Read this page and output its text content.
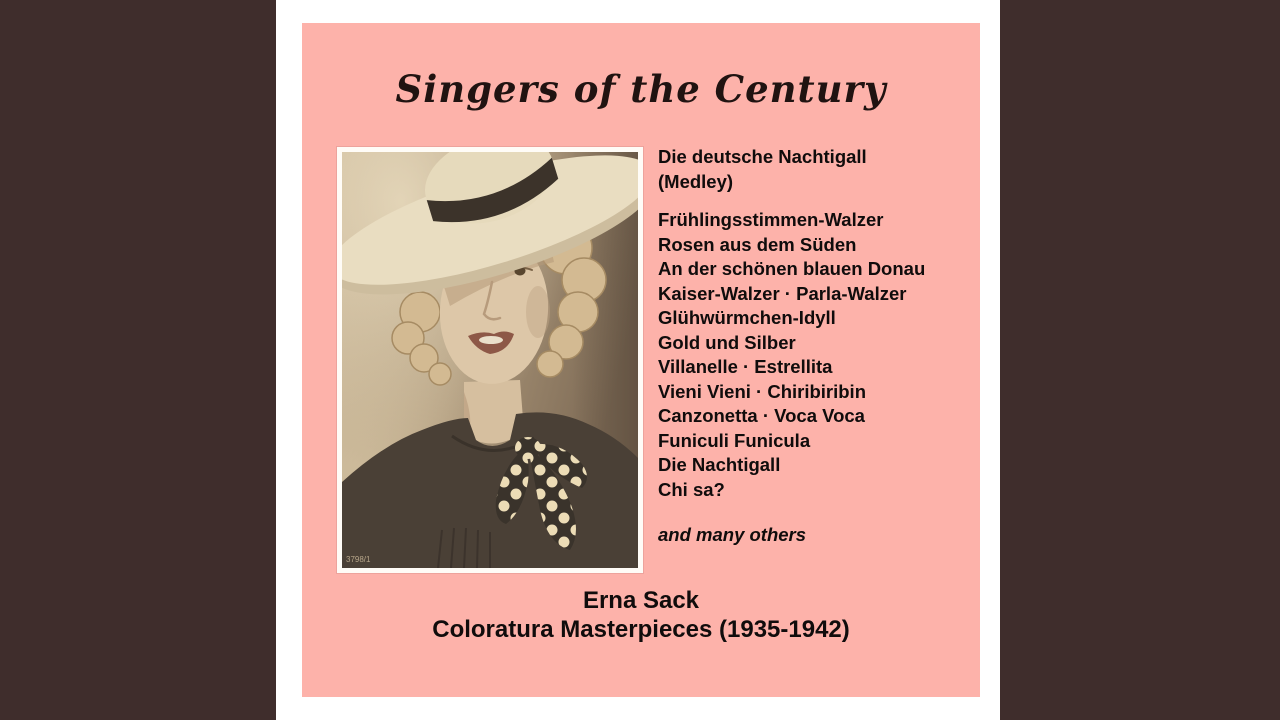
Singers of the Century
3798/1
Die deutsche Nachtigall
(Medley)
Frühlingsstimmen-Walzer
Rosen aus dem Süden
An der schönen blauen Donau
Kaiser-Walzer · Parla-Walzer
Glühwürmchen-Idyll
Gold und Silber
Villanelle · Estrellita
Vieni Vieni · Chiribiribin
Canzonetta · Voca Voca
Funiculi Funicula
Die Nachtigall
Chi sa?
and many others
Erna Sack
Coloratura Masterpieces (1935-1942)
